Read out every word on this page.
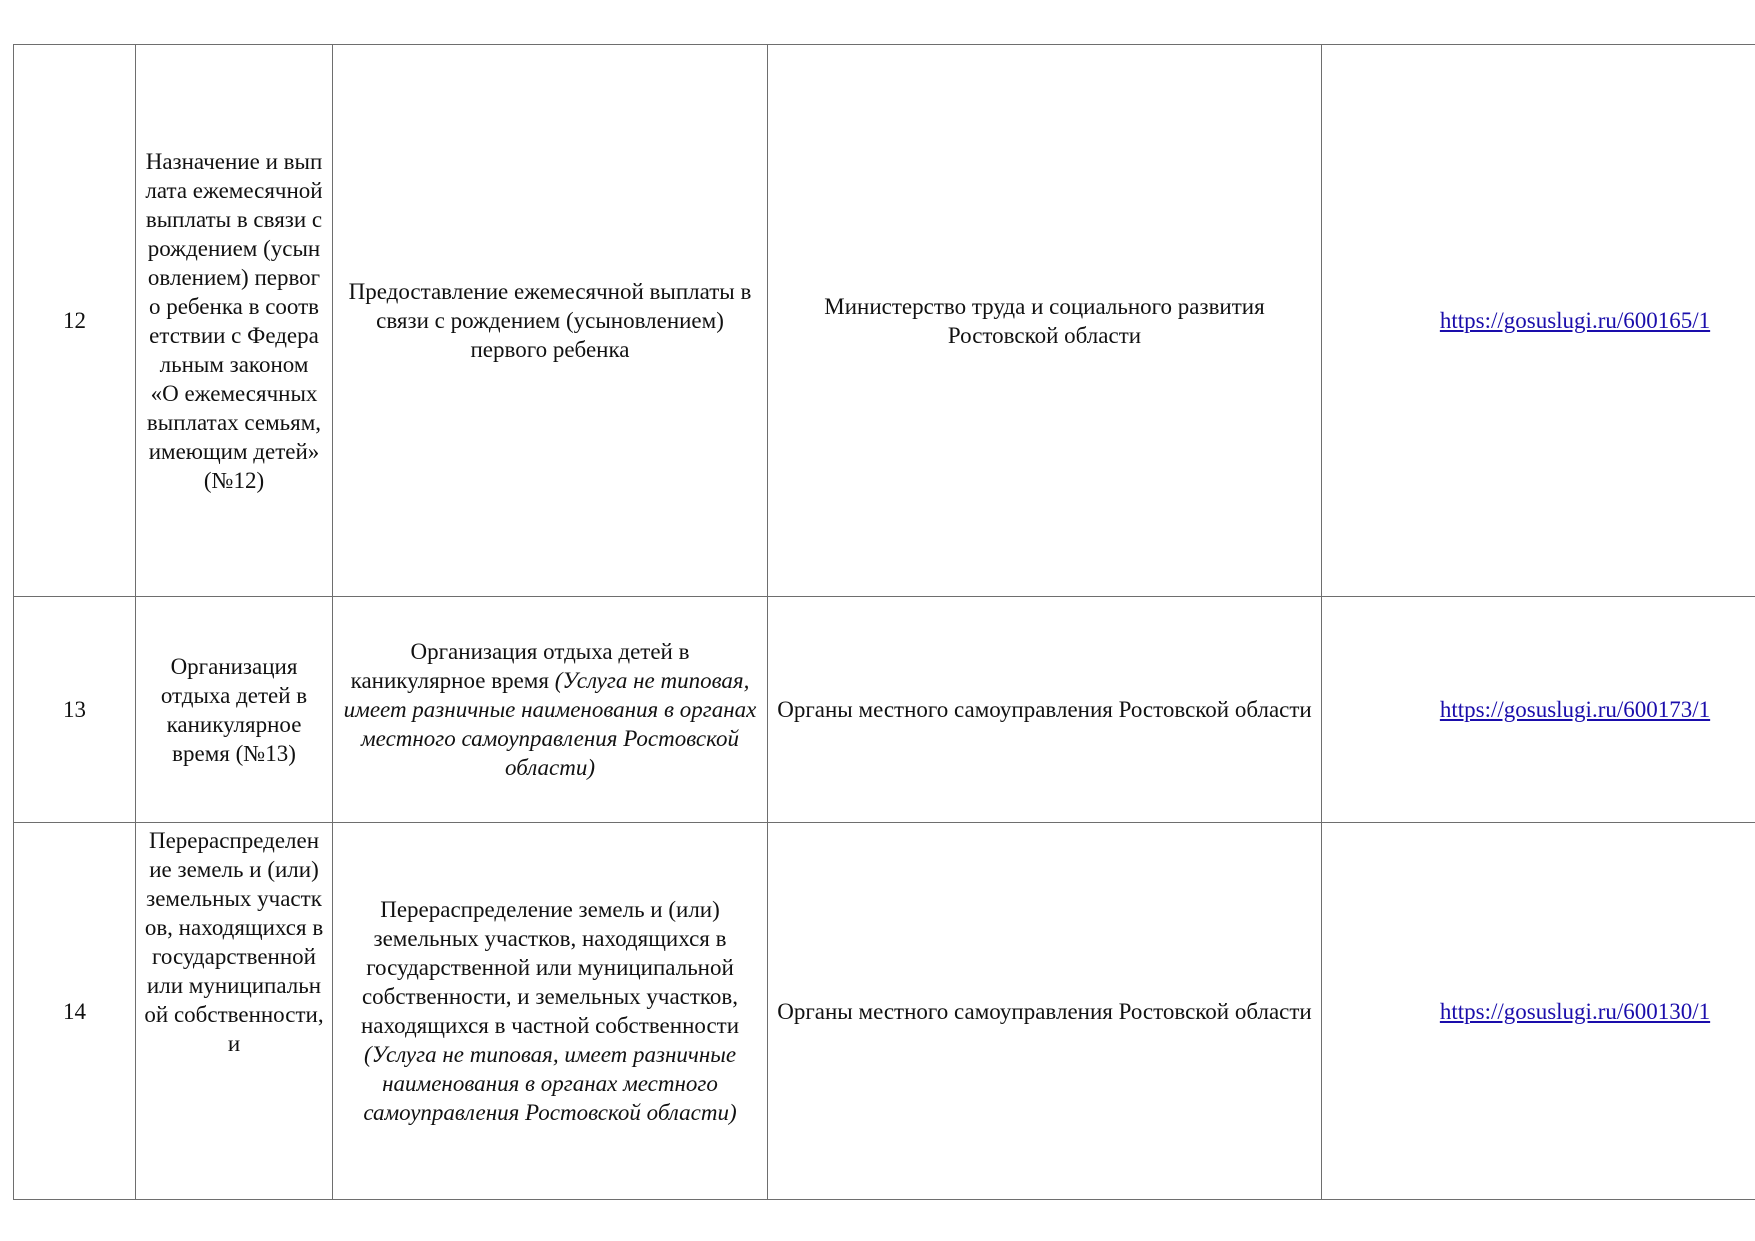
12	Назначение и выплата ежемесячной выплаты в связи с рождением (усыновлением) первого ребенка в соответствии с Федеральным законом «О ежемесячных выплатах семьям, имеющим детей» (№12)	Предоставление ежемесячной выплаты в связи с рождением (усыновлением) первого ребенка	Министерство труда и социального развития Ростовской области	https://gosuslugi.ru/600165/1
13	Организация отдыха детей в каникулярное время (№13)	Организация отдыха детей в каникулярное время (Услуга не типовая, имеет разничные наименования в органах местного самоуправления Ростовской области)	Органы местного самоуправления Ростовской области	https://gosuslugi.ru/600173/1
14	Перераспределение земель и (или) земельных участков, находящихся в государственной или муниципальной собственности, и	Перераспределение земель и (или) земельных участков, находящихся в государственной или муниципальной собственности, и земельных участков, находящихся в частной собственности (Услуга не типовая, имеет разничные наименования в органах местного самоуправления Ростовской области)	Органы местного самоуправления Ростовской области	https://gosuslugi.ru/600130/1
